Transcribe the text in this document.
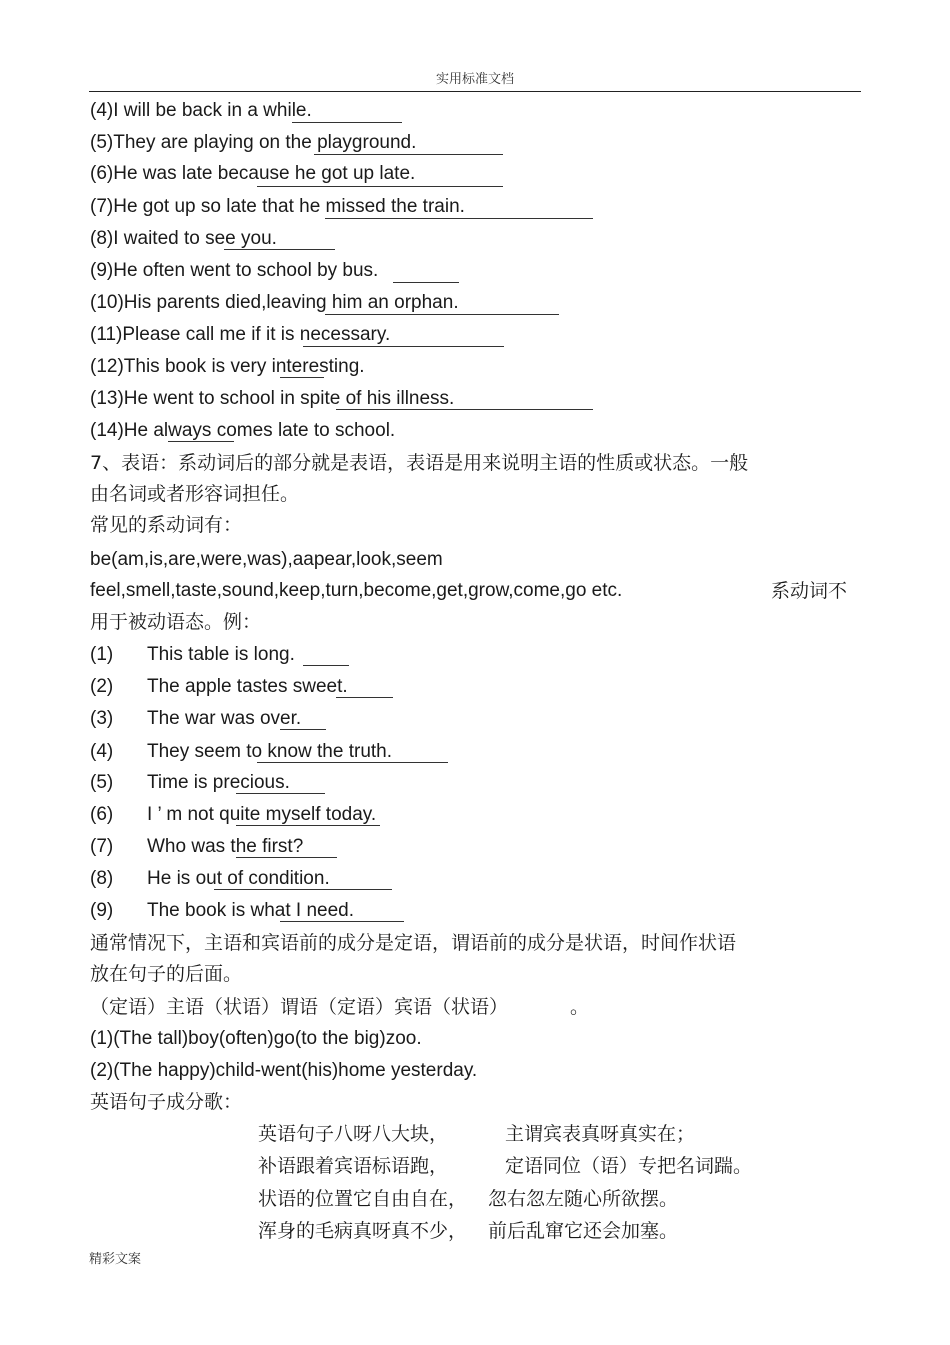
实用标准文档
(4)I will be back in a while.
(5)They are playing on the playground.
(6)He was late because he got up late.
(7)He got up so late that he missed the train.
(8)I waited to see you.
(9)He often went to school by bus.
(10)His parents died,leaving him an orphan.
(11)Please call me if it is necessary.
(12)This book is very interesting.
(13)He went to school in spite of his illness.
(14)He always comes late to school.
7、表语：系动词后的部分就是表语，表语是用来说明主语的性质或状态。一般
由名词或者形容词担任。
常见的系动词有：
be(am,is,are,were,was),aapear,look,seem
feel,smell,taste,sound,keep,turn,become,get,grow,come,go etc.	系动词不
用于被动语态。例：
(1) This table is long.
(2) The apple tastes sweet.
(3) The war was over.
(4) They seem to know the truth.
(5) Time is precious.
(6) I ’ m not quite myself today.
(7) Who was the first?
(8) He is out of condition.
(9) The book is what I need.
通常情况下，主语和宾语前的成分是定语，谓语前的成分是状语，时间作状语
放在句子的后面。
（定语）主语（状语）谓语（定语）宾语（状语）	。
(1)(The tall)boy(often)go(to the big)zoo.
(2)(The happy)child-went(his)home yesterday.
英语句子成分歌：
英语句子八呀八大块，	主谓宾表真呀真实在；
补语跟着宾语标语跑，	定语同位（语）专把名词踹。
状语的位置它自由自在， 忽右忽左随心所欲摆。
浑身的毛病真呀真不少， 前后乱窜它还会加塞。
精彩文案
